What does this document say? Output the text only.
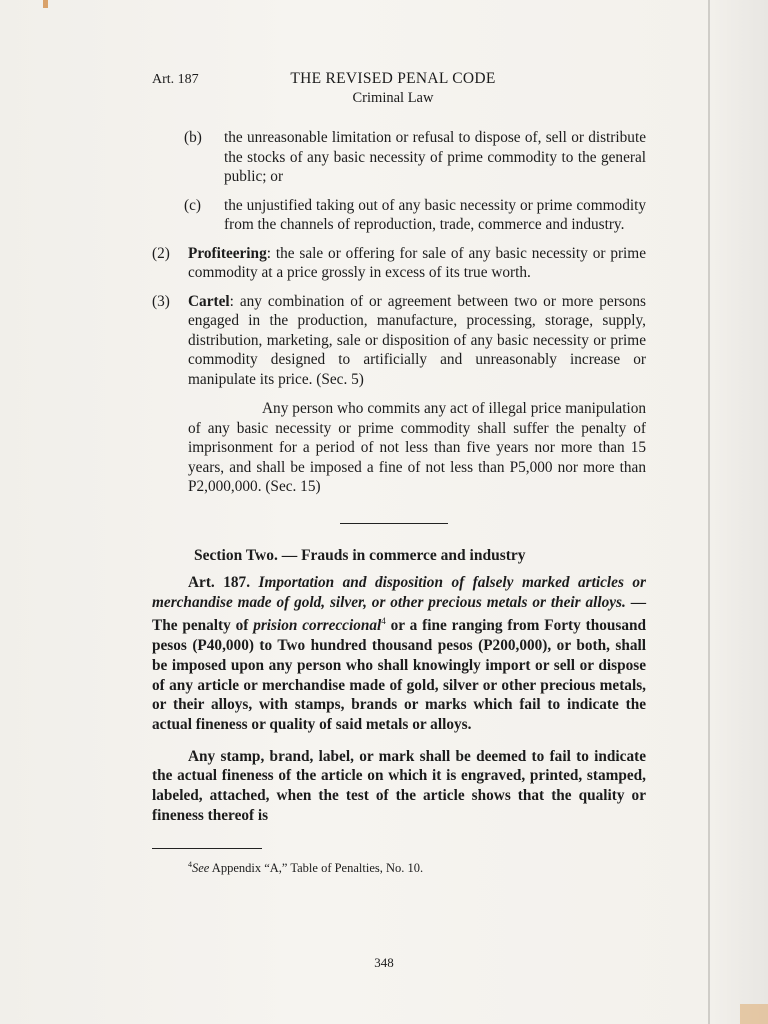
Art. 187	THE REVISED PENAL CODE
Criminal Law
(b)	the unreasonable limitation or refusal to dispose of, sell or distribute the stocks of any basic necessity of prime commodity to the general public; or
(c)	the unjustified taking out of any basic necessity or prime commodity from the channels of reproduction, trade, commerce and industry.
(2)	Profiteering: the sale or offering for sale of any basic necessity or prime commodity at a price grossly in excess of its true worth.
(3)	Cartel: any combination of or agreement between two or more persons engaged in the production, manufacture, processing, storage, supply, distribution, marketing, sale or disposition of any basic necessity or prime commodity designed to artificially and unreasonably increase or manipulate its price. (Sec. 5)
Any person who commits any act of illegal price manipulation of any basic necessity or prime commodity shall suffer the penalty of imprisonment for a period of not less than five years nor more than 15 years, and shall be imposed a fine of not less than P5,000 nor more than P2,000,000. (Sec. 15)
Section Two. — Frauds in commerce and industry
Art. 187. Importation and disposition of falsely marked articles or merchandise made of gold, silver, or other precious metals or their alloys. — The penalty of prision correccional$^4$ or a fine ranging from Forty thousand pesos (P40,000) to Two hundred thousand pesos (P200,000), or both, shall be imposed upon any person who shall knowingly import or sell or dispose of any article or merchandise made of gold, silver or other precious metals, or their alloys, with stamps, brands or marks which fail to indicate the actual fineness or quality of said metals or alloys.
Any stamp, brand, label, or mark shall be deemed to fail to indicate the actual fineness of the article on which it is engraved, printed, stamped, labeled, attached, when the test of the article shows that the quality or fineness thereof is
$^4$See Appendix “A,” Table of Penalties, No. 10.
348
